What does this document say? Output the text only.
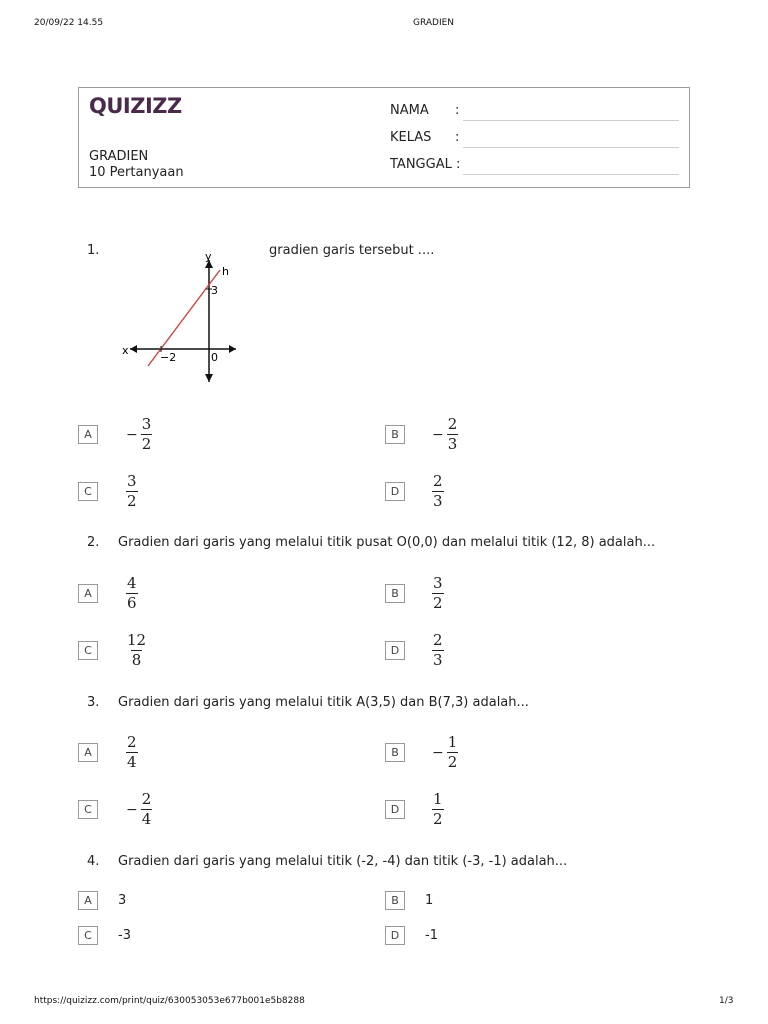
20/09/22 14.55	GRADIEN
QUIZIZZ
GRADIEN
10 Pertanyaan
NAMA :
KELAS :
TANGGAL :
1.	gradien garis tersebut ....
y
h
3
x
−2	0
A	− $\frac{3}{2}$	B	− $\frac{2}{3}$
C	$\frac{3}{2}$	D	$\frac{2}{3}$
2. Gradien dari garis yang melalui titik pusat O(0,0) dan melalui titik (12, 8) adalah...
A	$\frac{4}{6}$	B	$\frac{3}{2}$
C	$\frac{12}{8}$	D	$\frac{2}{3}$
3. Gradien dari garis yang melalui titik A(3,5) dan B(7,3) adalah...
A	$\frac{2}{4}$	B	− $\frac{1}{2}$
C	− $\frac{2}{4}$	D	$\frac{1}{2}$
4. Gradien dari garis yang melalui titik (-2, -4) dan titik (-3, -1) adalah...
A	3	B	1
C	-3	D	-1
https://quizizz.com/print/quiz/630053053e677b001e5b8288	1/3
